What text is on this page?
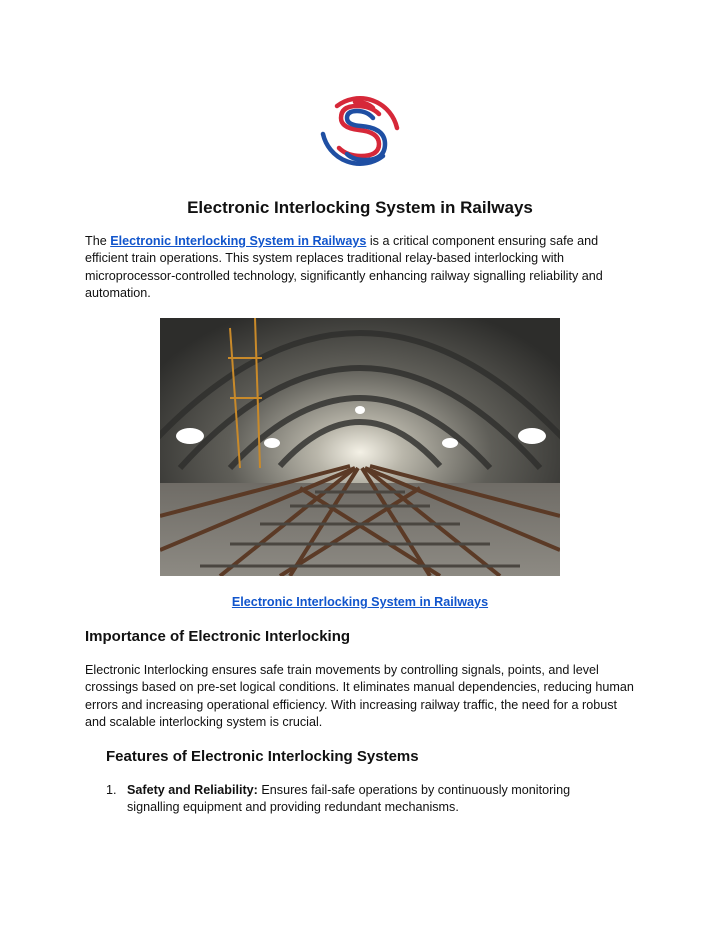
Electronic Interlocking System in Railways

The Electronic Interlocking System in Railways is a critical component ensuring safe and efficient train operations. This system replaces traditional relay-based interlocking with microprocessor-controlled technology, significantly enhancing railway signalling reliability and automation.

Electronic Interlocking System in Railways
Importance of Electronic Interlocking

Electronic Interlocking ensures safe train movements by controlling signals, points, and level crossings based on pre-set logical conditions. It eliminates manual dependencies, reducing human errors and increasing operational efficiency. With increasing railway traffic, the need for a robust and scalable interlocking system is crucial.

Features of Electronic Interlocking Systems
1. Safety and Reliability: Ensures fail-safe operations by continuously monitoring signalling equipment and providing redundant mechanisms.
